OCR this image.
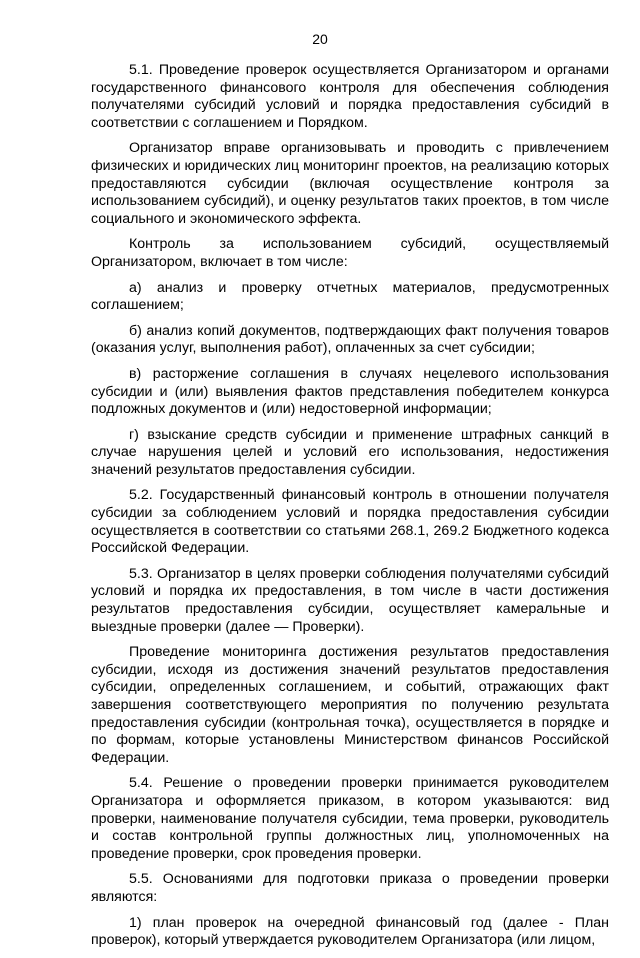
20

5.1. Проведение проверок осуществляется Организатором и органами государственного финансового контроля для обеспечения соблюдения получателями субсидий условий и порядка предоставления субсидий в соответствии с соглашением и Порядком.

Организатор вправе организовывать и проводить с привлечением физических и юридических лиц мониторинг проектов, на реализацию которых предоставляются субсидии (включая осуществление контроля за использованием субсидий), и оценку результатов таких проектов, в том числе социального и экономического эффекта.

Контроль за использованием субсидий, осуществляемый Организатором, включает в том числе:

а) анализ и проверку отчетных материалов, предусмотренных соглашением;

б) анализ копий документов, подтверждающих факт получения товаров (оказания услуг, выполнения работ), оплаченных за счет субсидии;

в) расторжение соглашения в случаях нецелевого использования субсидии и (или) выявления фактов представления победителем конкурса подложных документов и (или) недостоверной информации;

г) взыскание средств субсидии и применение штрафных санкций в случае нарушения целей и условий его использования, недостижения значений результатов предоставления субсидии.

5.2. Государственный финансовый контроль в отношении получателя субсидии за соблюдением условий и порядка предоставления субсидии осуществляется в соответствии со статьями 268.1, 269.2 Бюджетного кодекса Российской Федерации.

5.3. Организатор в целях проверки соблюдения получателями субсидий условий и порядка их предоставления, в том числе в части достижения результатов предоставления субсидии, осуществляет камеральные и выездные проверки (далее — Проверки).

Проведение мониторинга достижения результатов предоставления субсидии, исходя из достижения значений результатов предоставления субсидии, определенных соглашением, и событий, отражающих факт завершения соответствующего мероприятия по получению результата предоставления субсидии (контрольная точка), осуществляется в порядке и по формам, которые установлены Министерством финансов Российской Федерации.

5.4. Решение о проведении проверки принимается руководителем Организатора и оформляется приказом, в котором указываются: вид проверки, наименование получателя субсидии, тема проверки, руководитель и состав контрольной группы должностных лиц, уполномоченных на проведение проверки, срок проведения проверки.

5.5. Основаниями для подготовки приказа о проведении проверки являются:

1) план проверок на очередной финансовый год (далее - План проверок), который утверждается руководителем Организатора (или лицом,
